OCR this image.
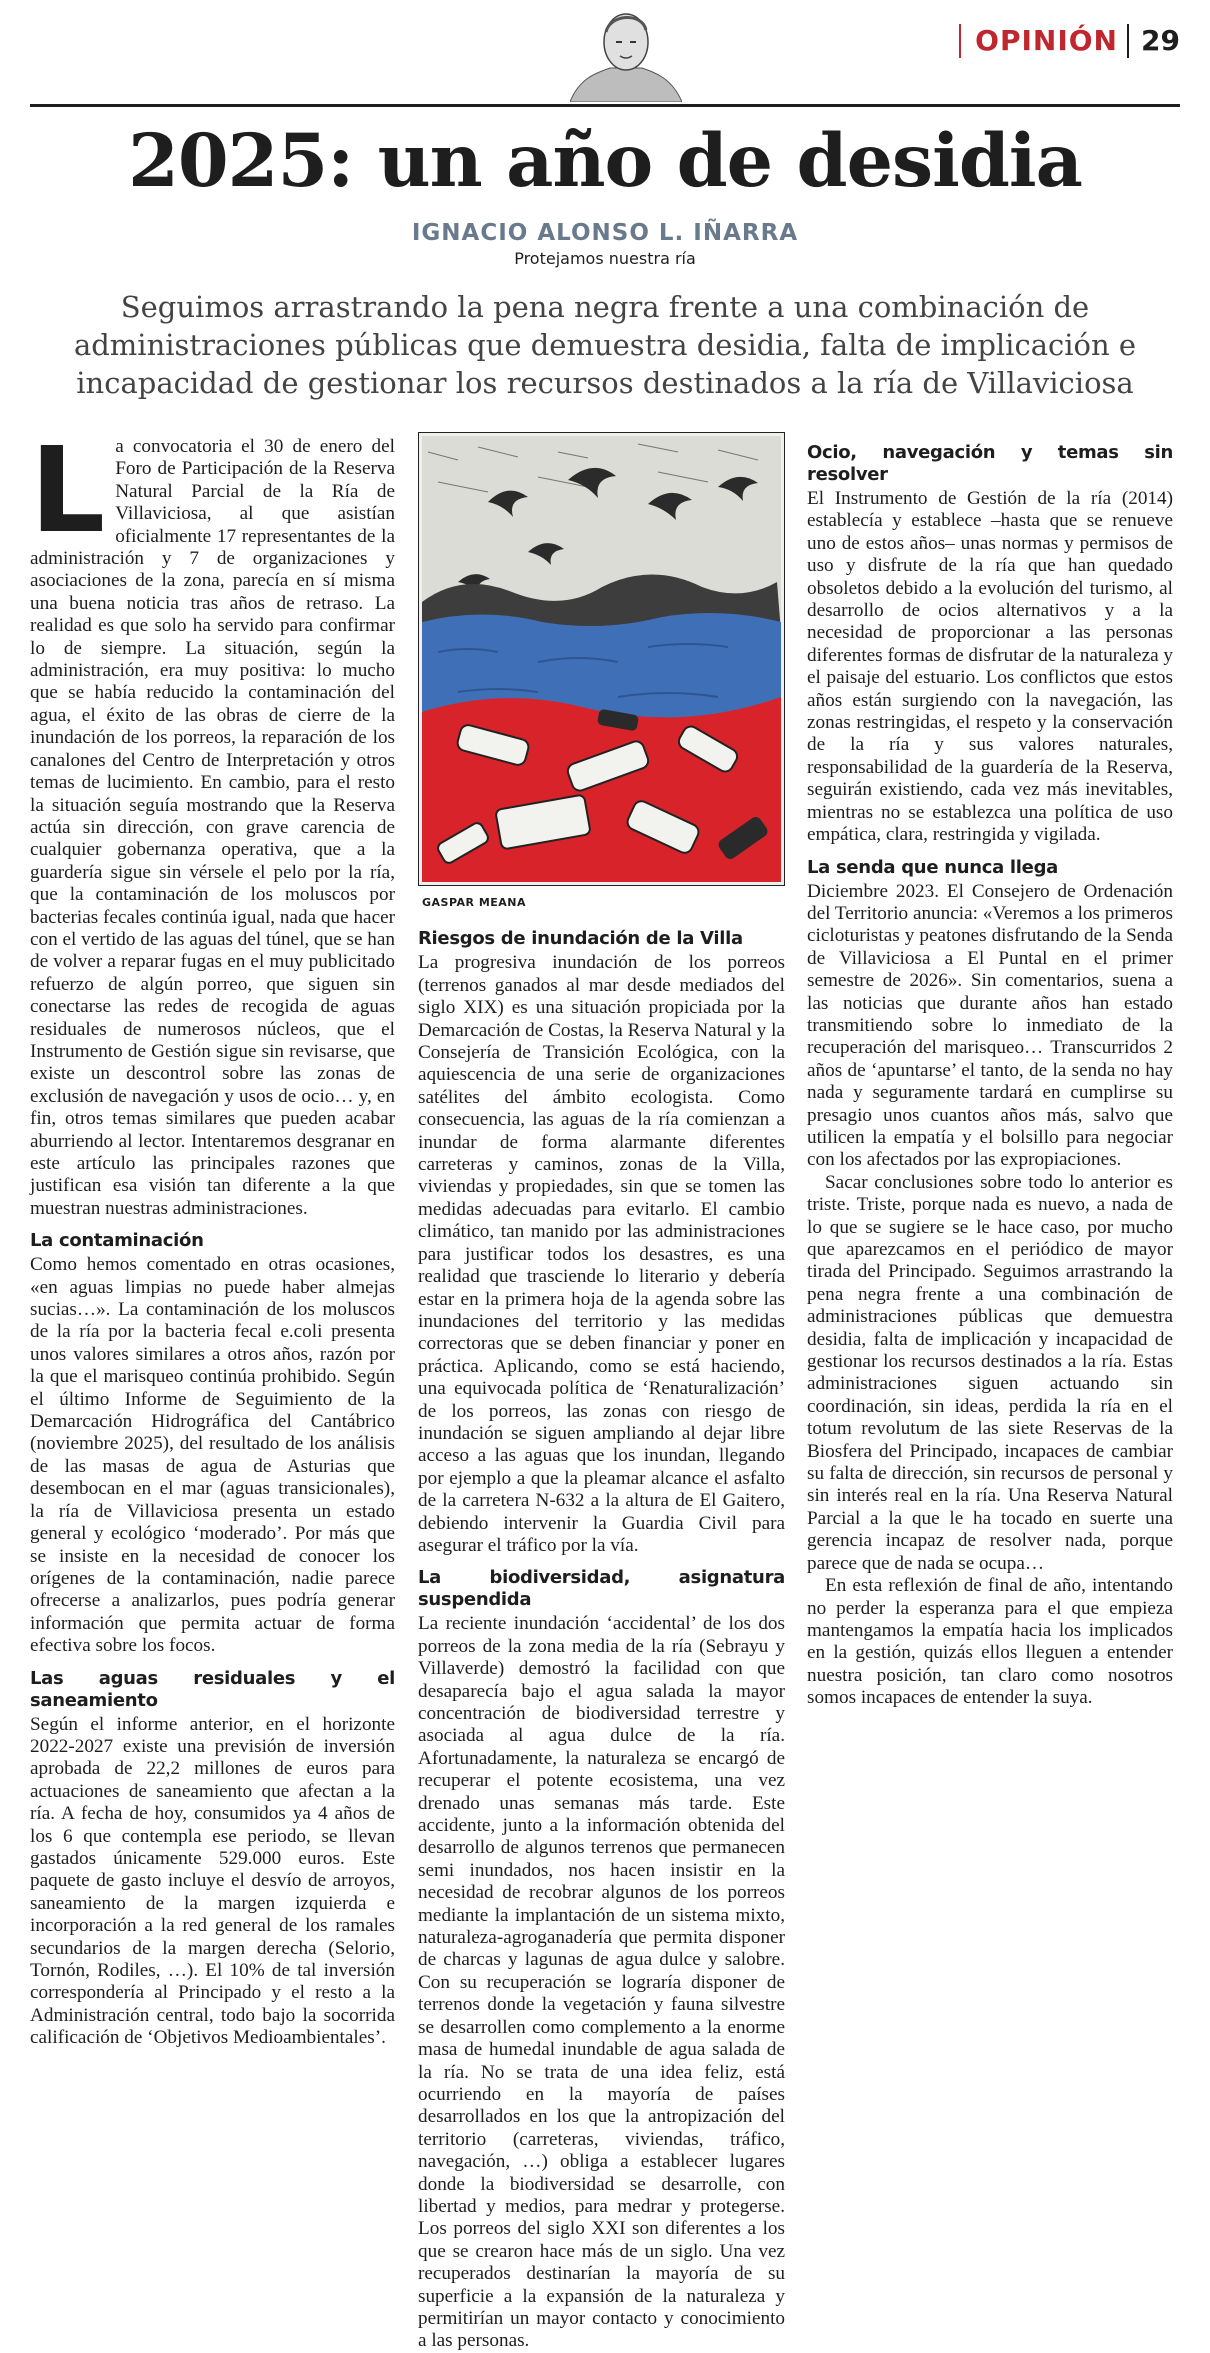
OPINIÓN 29
2025: un año de desidia
IGNACIO ALONSO L. IÑARRA
Protejamos nuestra ría

Seguimos arrastrando la pena negra frente a una combinación de administraciones públicas que demuestra desidia, falta de implicación e incapacidad de gestionar los recursos destinados a la ría de Villaviciosa

L a convocatoria el 30 de enero del Foro de Participación de la Reserva Natural Parcial de la Ría de Villaviciosa, al que asistían oficialmente 17 representantes de la administración y 7 de organizaciones y asociaciones de la zona, parecía en sí misma una buena noticia tras años de retraso. La realidad es que solo ha servido para confirmar lo de siempre. La situación, según la administración, era muy positiva: lo mucho que se había reducido la contaminación del agua, el éxito de las obras de cierre de la inundación de los porreos, la reparación de los canalones del Centro de Interpretación y otros temas de lucimiento. En cambio, para el resto la situación seguía mostrando que la Reserva actúa sin dirección, con grave carencia de cualquier gobernanza operativa, que a la guardería sigue sin vérsele el pelo por la ría, que la contaminación de los moluscos por bacterias fecales continúa igual, nada que hacer con el vertido de las aguas del túnel, que se han de volver a reparar fugas en el muy publicitado refuerzo de algún porreo, que siguen sin conectarse las redes de recogida de aguas residuales de numerosos núcleos, que el Instrumento de Gestión sigue sin revisarse, que existe un descontrol sobre las zonas de exclusión de navegación y usos de ocio… y, en fin, otros temas similares que pueden acabar aburriendo al lector. Intentaremos desgranar en este artículo las principales razones que justifican esa visión tan diferente a la que muestran nuestras administraciones.

La contaminación

Como hemos comentado en otras ocasiones, «en aguas limpias no puede haber almejas sucias…». La contaminación de los moluscos de la ría por la bacteria fecal e.coli presenta unos valores similares a otros años, razón por la que el marisqueo continúa prohibido. Según el último Informe de Seguimiento de la Demarcación Hidrográfica del Cantábrico (noviembre 2025), del resultado de los análisis de las masas de agua de Asturias que desembocan en el mar (aguas transicionales), la ría de Villaviciosa presenta un estado general y ecológico ‘moderado’. Por más que se insiste en la necesidad de conocer los orígenes de la contaminación, nadie parece ofrecerse a analizarlos, pues podría generar información que permita actuar de forma efectiva sobre los focos.

Las aguas residuales y el saneamiento

Según el informe anterior, en el horizonte 2022-2027 existe una previsión de inversión aprobada de 22,2 millones de euros para actuaciones de saneamiento que afectan a la ría. A fecha de hoy, consumidos ya 4 años de los 6 que contempla ese periodo, se llevan gastados únicamente 529.000 euros. Este paquete de gasto incluye el desvío de arroyos, saneamiento de la margen izquierda e incorporación a la red general de los ramales secundarios de la margen derecha (Selorio, Tornón, Rodiles, …). El 10% de tal inversión correspondería al Principado y el resto a la Administración central, todo bajo la socorrida calificación de ‘Objetivos Medioambientales’.

GASPAR MEANA
Riesgos de inundación de la Villa

La progresiva inundación de los porreos (terrenos ganados al mar desde mediados del siglo XIX) es una situación propiciada por la Demarcación de Costas, la Reserva Natural y la Consejería de Transición Ecológica, con la aquiescencia de una serie de organizaciones satélites del ámbito ecologista. Como consecuencia, las aguas de la ría comienzan a inundar de forma alarmante diferentes carreteras y caminos, zonas de la Villa, viviendas y propiedades, sin que se tomen las medidas adecuadas para evitarlo. El cambio climático, tan manido por las administraciones para justificar todos los desastres, es una realidad que trasciende lo literario y debería estar en la primera hoja de la agenda sobre las inundaciones del territorio y las medidas correctoras que se deben financiar y poner en práctica. Aplicando, como se está haciendo, una equivocada política de ‘Renaturalización’ de los porreos, las zonas con riesgo de inundación se siguen ampliando al dejar libre acceso a las aguas que los inundan, llegando por ejemplo a que la pleamar alcance el asfalto de la carretera N-632 a la altura de El Gaitero, debiendo intervenir la Guardia Civil para asegurar el tráfico por la vía.

La biodiversidad, asignatura suspendida

La reciente inundación ‘accidental’ de los dos porreos de la zona media de la ría (Sebrayu y Villaverde) demostró la facilidad con que desaparecía bajo el agua salada la mayor concentración de biodiversidad terrestre y asociada al agua dulce de la ría. Afortunadamente, la naturaleza se encargó de recuperar el potente ecosistema, una vez drenado unas semanas más tarde. Este accidente, junto a la información obtenida del desarrollo de algunos terrenos que permanecen semi inundados, nos hacen insistir en la necesidad de recobrar algunos de los porreos mediante la implantación de un sistema mixto, naturaleza-agroganadería que permita disponer de charcas y lagunas de agua dulce y salobre. Con su recuperación se lograría disponer de terrenos donde la vegetación y fauna silvestre se desarrollen como complemento a la enorme masa de humedal inundable de agua salada de la ría. No se trata de una idea feliz, está ocurriendo en la mayoría de países desarrollados en los que la antropización del territorio (carreteras, viviendas, tráfico, navegación, …) obliga a establecer lugares donde la biodiversidad se desarrolle, con libertad y medios, para medrar y protegerse. Los porreos del siglo XXI son diferentes a los que se crearon hace más de un siglo. Una vez recuperados destinarían la mayoría de su superficie a la expansión de la naturaleza y permitirían un mayor contacto y conocimiento a las personas.

Ocio, navegación y temas sin resolver

El Instrumento de Gestión de la ría (2014) establecía y establece –hasta que se renueve uno de estos años– unas normas y permisos de uso y disfrute de la ría que han quedado obsoletos debido a la evolución del turismo, al desarrollo de ocios alternativos y a la necesidad de proporcionar a las personas diferentes formas de disfrutar de la naturaleza y el paisaje del estuario. Los conflictos que estos años están surgiendo con la navegación, las zonas restringidas, el respeto y la conservación de la ría y sus valores naturales, responsabilidad de la guardería de la Reserva, seguirán existiendo, cada vez más inevitables, mientras no se establezca una política de uso empática, clara, restringida y vigilada.

La senda que nunca llega

Diciembre 2023. El Consejero de Ordenación del Territorio anuncia: «Veremos a los primeros cicloturistas y peatones disfrutando de la Senda de Villaviciosa a El Puntal en el primer semestre de 2026». Sin comentarios, suena a las noticias que durante años han estado transmitiendo sobre lo inmediato de la recuperación del marisqueo… Transcurridos 2 años de ‘apuntarse’ el tanto, de la senda no hay nada y seguramente tardará en cumplirse su presagio unos cuantos años más, salvo que utilicen la empatía y el bolsillo para negociar con los afectados por las expropiaciones.

Sacar conclusiones sobre todo lo anterior es triste. Triste, porque nada es nuevo, a nada de lo que se sugiere se le hace caso, por mucho que aparezcamos en el periódico de mayor tirada del Principado. Seguimos arrastrando la pena negra frente a una combinación de administraciones públicas que demuestra desidia, falta de implicación y incapacidad de gestionar los recursos destinados a la ría. Estas administraciones siguen actuando sin coordinación, sin ideas, perdida la ría en el totum revolutum de las siete Reservas de la Biosfera del Principado, incapaces de cambiar su falta de dirección, sin recursos de personal y sin interés real en la ría. Una Reserva Natural Parcial a la que le ha tocado en suerte una gerencia incapaz de resolver nada, porque parece que de nada se ocupa…

En esta reflexión de final de año, intentando no perder la esperanza para el que empieza mantengamos la empatía hacia los implicados en la gestión, quizás ellos lleguen a entender nuestra posición, tan claro como nosotros somos incapaces de entender la suya.
